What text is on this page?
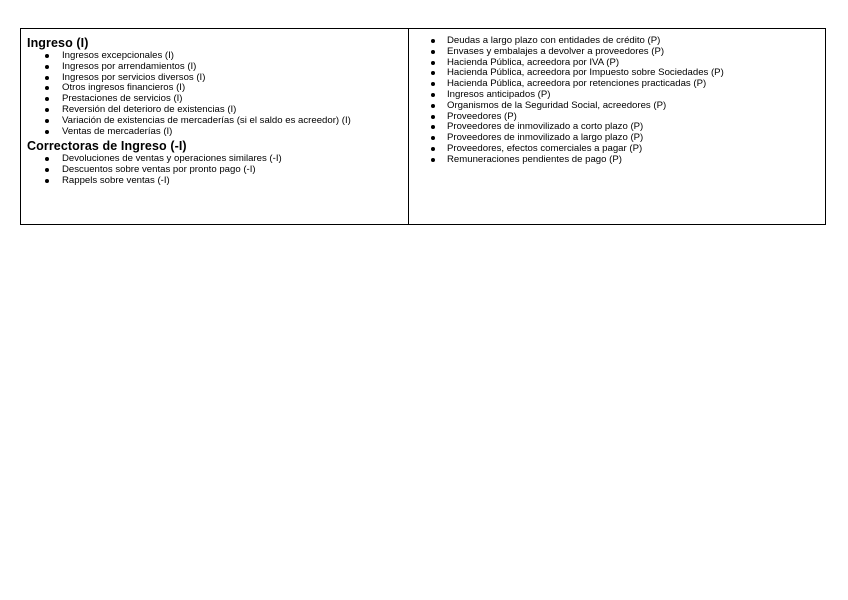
Ingreso (I)
Ingresos excepcionales (I)
Ingresos por arrendamientos (I)
Ingresos por servicios diversos (I)
Otros ingresos financieros (I)
Prestaciones de servicios (I)
Reversión del deterioro de existencias (I)
Variación de existencias de mercaderías (si el saldo es acreedor) (I)
Ventas de mercaderías (I)
Correctoras de Ingreso (-I)
Devoluciones de ventas y operaciones similares (-I)
Descuentos sobre ventas por pronto pago (-I)
Rappels sobre ventas (-I)
Deudas a largo plazo con entidades de crédito (P)
Envases y embalajes a devolver a proveedores (P)
Hacienda Pública, acreedora por IVA (P)
Hacienda Pública, acreedora por Impuesto sobre Sociedades (P)
Hacienda Pública, acreedora por retenciones practicadas (P)
Ingresos anticipados (P)
Organismos de la Seguridad Social, acreedores (P)
Proveedores (P)
Proveedores de inmovilizado a corto plazo (P)
Proveedores de inmovilizado a largo plazo (P)
Proveedores, efectos comerciales a pagar (P)
Remuneraciones pendientes de pago (P)
